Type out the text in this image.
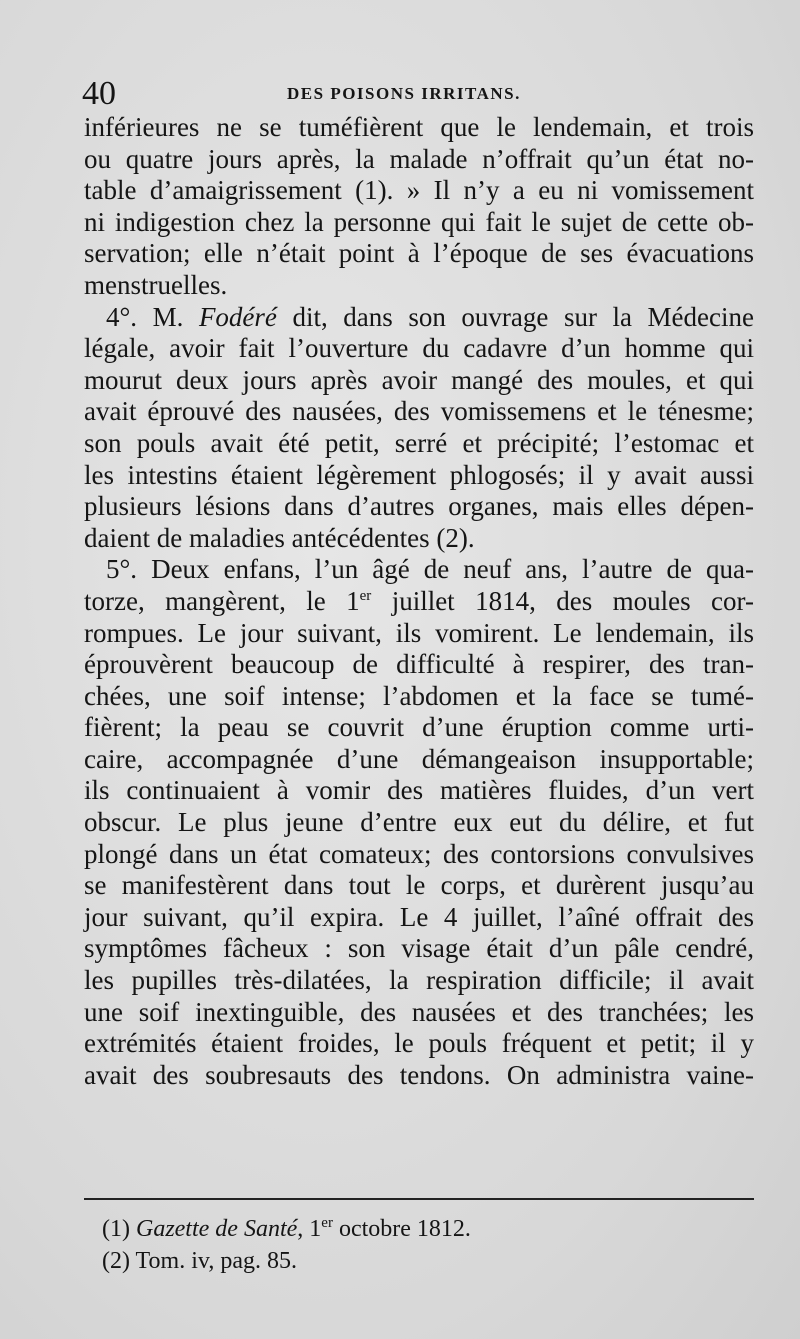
40	DES POISONS IRRITANS.
inférieures ne se tuméfièrent que le lendemain, et trois
ou quatre jours après, la malade n’offrait qu’un état no-
table d’amaigrissement (1). » Il n’y a eu ni vomissement
ni indigestion chez la personne qui fait le sujet de cette ob-
servation; elle n’était point à l’époque de ses évacuations
menstruelles.
4°. M. Fodéré dit, dans son ouvrage sur la Médecine
légale, avoir fait l’ouverture du cadavre d’un homme qui
mourut deux jours après avoir mangé des moules, et qui
avait éprouvé des nausées, des vomissemens et le ténesme;
son pouls avait été petit, serré et précipité; l’estomac et
les intestins étaient légèrement phlogosés; il y avait aussi
plusieurs lésions dans d’autres organes, mais elles dépen-
daient de maladies antécédentes (2).
5°. Deux enfans, l’un âgé de neuf ans, l’autre de qua-
torze, mangèrent, le 1er juillet 1814, des moules cor-
rompues. Le jour suivant, ils vomirent. Le lendemain, ils
éprouvèrent beaucoup de difficulté à respirer, des tran-
chées, une soif intense; l’abdomen et la face se tumé-
fièrent; la peau se couvrit d’une éruption comme urti-
caire, accompagnée d’une démangeaison insupportable;
ils continuaient à vomir des matières fluides, d’un vert
obscur. Le plus jeune d’entre eux eut du délire, et fut
plongé dans un état comateux; des contorsions convulsives
se manifestèrent dans tout le corps, et durèrent jusqu’au
jour suivant, qu’il expira. Le 4 juillet, l’aîné offrait des
symptômes fâcheux : son visage était d’un pâle cendré,
les pupilles très-dilatées, la respiration difficile; il avait
une soif inextinguible, des nausées et des tranchées; les
extrémités étaient froides, le pouls fréquent et petit; il y
avait des soubresauts des tendons. On administra vaine-
(1) Gazette de Santé, 1er octobre 1812.
(2) Tom. iv, pag. 85.
